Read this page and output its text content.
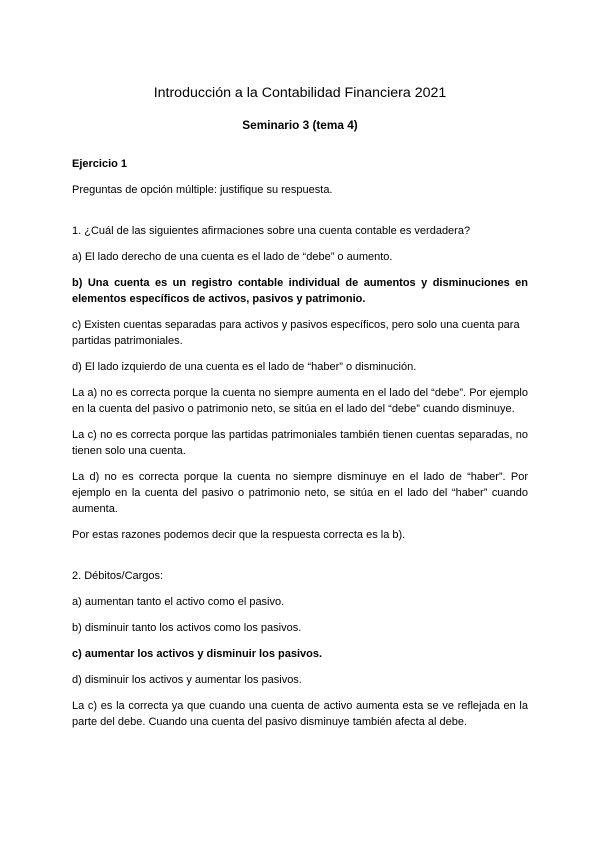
Introducción a la Contabilidad Financiera 2021
Seminario 3 (tema 4)

Ejercicio 1

Preguntas de opción múltiple: justifique su respuesta.

1. ¿Cuál de las siguientes afirmaciones sobre una cuenta contable es verdadera?

a) El lado derecho de una cuenta es el lado de “debe” o aumento.

b) Una cuenta es un registro contable individual de aumentos y disminuciones en elementos específicos de activos, pasivos y patrimonio.

c) Existen cuentas separadas para activos y pasivos específicos, pero solo una cuenta para partidas patrimoniales.

d) El lado izquierdo de una cuenta es el lado de “haber” o disminución.

La a) no es correcta porque la cuenta no siempre aumenta en el lado del “debe”. Por ejemplo en la cuenta del pasivo o patrimonio neto, se sitúa en el lado del “debe” cuando disminuye.

La c) no es correcta porque las partidas patrimoniales también tienen cuentas separadas, no tienen solo una cuenta.

La d) no es correcta porque la cuenta no siempre disminuye en el lado de “haber”. Por ejemplo en la cuenta del pasivo o patrimonio neto, se sitúa en el lado del “haber” cuando aumenta.

Por estas razones podemos decir que la respuesta correcta es la b).

2. Débitos/Cargos:

a) aumentan tanto el activo como el pasivo.

b) disminuir tanto los activos como los pasivos.

c) aumentar los activos y disminuir los pasivos.

d) disminuir los activos y aumentar los pasivos.

La c) es la correcta ya que cuando una cuenta de activo aumenta esta se ve reflejada en la parte del debe. Cuando una cuenta del pasivo disminuye también afecta al debe.
